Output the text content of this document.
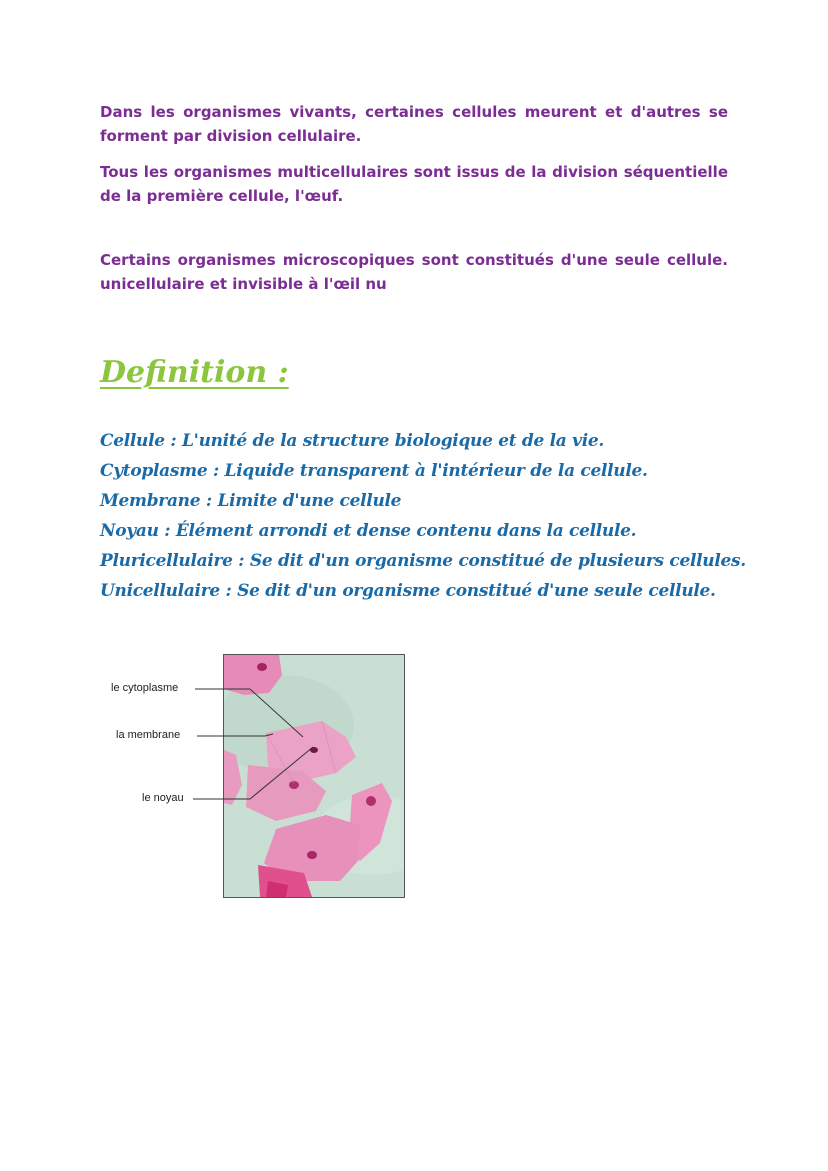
Dans les organismes vivants, certaines cellules meurent et d'autres se forment par division cellulaire.

Tous les organismes multicellulaires sont issus de la division séquentielle de la première cellule, l'œuf.

Certains organismes microscopiques sont constitués d'une seule cellule. unicellulaire et invisible à l'œil nu

Definition :
Cellule : L'unité de la structure biologique et de la vie.
Cytoplasme : Liquide transparent à l'intérieur de la cellule.
Membrane : Limite d'une cellule
Noyau : Élément arrondi et dense contenu dans la cellule.
Pluricellulaire : Se dit d'un organisme constitué de plusieurs cellules.
Unicellulaire : Se dit d'un organisme constitué d'une seule cellule.
le cytoplasme
la membrane
le noyau
